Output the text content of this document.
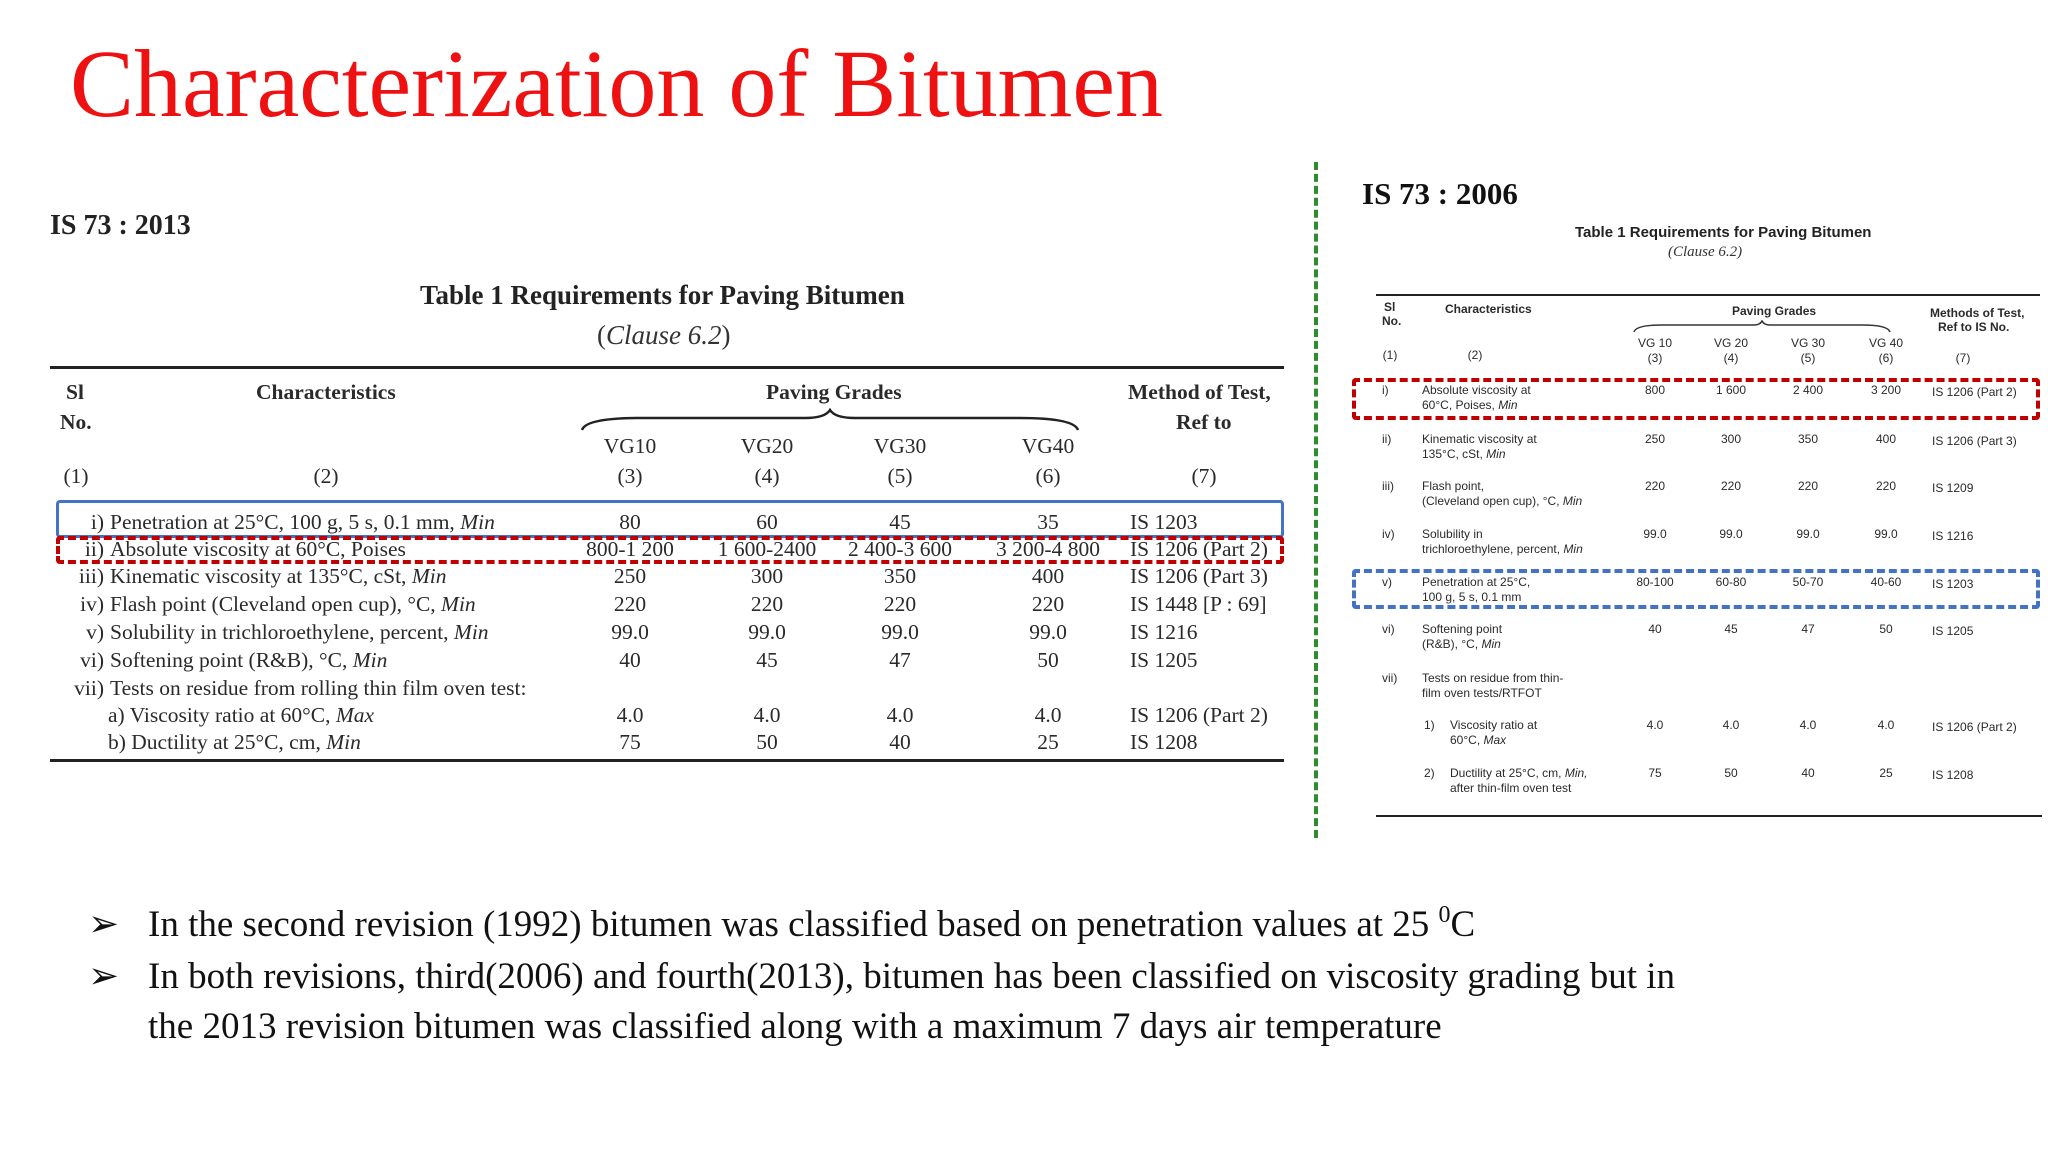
Characterization of Bitumen
IS 73 : 2013
Table 1 Requirements for Paving Bitumen
(Clause 6.2)
Sl
No.
Characteristics	Paving Grades	Method of Test,
Ref to
VG10	VG20	VG30	VG40
(1)	(2)	(3)	(4)	(5)	(6)	(7)
i) Penetration at 25°C, 100 g, 5 s, 0.1 mm, Min	80	60	45	35	IS 1203
ii) Absolute viscosity at 60°C, Poises	800-1 200	1 600-2400	2 400-3 600	3 200-4 800	IS 1206 (Part 2)
iii) Kinematic viscosity at 135°C, cSt, Min	250	300	350	400	IS 1206 (Part 3)
iv) Flash point (Cleveland open cup), °C, Min	220	220	220	220	IS 1448 [P : 69]
v) Solubility in trichloroethylene, percent, Min	99.0	99.0	99.0	99.0	IS 1216
vi) Softening point (R&B), °C, Min	40	45	47	50	IS 1205
vii) Tests on residue from rolling thin film oven test:
a) Viscosity ratio at 60°C, Max	4.0	4.0	4.0	4.0	IS 1206 (Part 2)
b) Ductility at 25°C, cm, Min	75	50	40	25	IS 1208
IS 73 : 2006
Table 1 Requirements for Paving Bitumen
(Clause 6.2)
Sl
No.
Characteristics	Paving Grades	Methods of Test,
Ref to IS No.
VG 10	VG 20	VG 30	VG 40
(1)	(2)	(3)	(4)	(5)	(6)	(7)
i)	Absolute viscosity at
60°C, Poises, Min
800	1 600	2 400	3 200	IS 1206 (Part 2)
ii)	Kinematic viscosity at
135°C, cSt, Min
250	300	350	400	IS 1206 (Part 3)
iii) Flash point,
(Cleveland open cup), °C, Min
220	220	220	220	IS 1209
iv) Solubility in
trichloroethylene, percent, Min
99.0	99.0	99.0	99.0	IS 1216
v)	Penetration at 25°C,
100 g, 5 s, 0.1 mm
80-100	60-80	50-70	40-60	IS 1203
vi) Softening point
(R&B), °C, Min
40	45	47	50	IS 1205
vii) Tests on residue from thin-
film oven tests/RTFOT
1) Viscosity ratio at
60°C, Max
4.0	4.0	4.0	4.0	IS 1206 (Part 2)
2) Ductility at 25°C, cm, Min,
after thin-film oven test
75	50	40	25	IS 1208
➢ In the second revision (1992) bitumen was classified based on penetration values at 25 $^0$C
➢ In both revisions, third(2006) and fourth(2013), bitumen has been classified on viscosity grading but in
the 2013 revision bitumen was classified along with a maximum 7 days air temperature
